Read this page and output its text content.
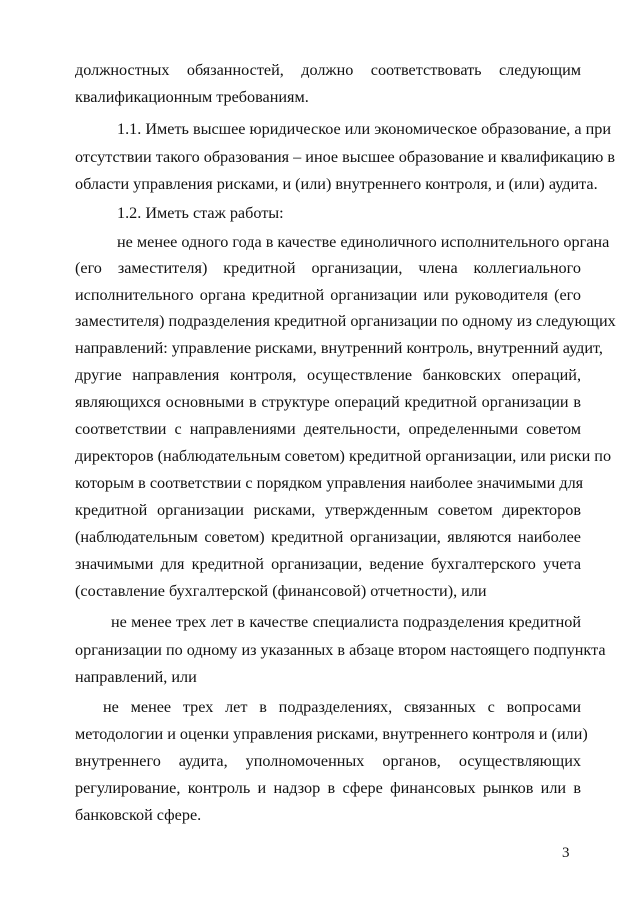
должностных обязанностей, должно соответствовать следующим
квалификационным требованиям.
1.1. Иметь высшее юридическое или экономическое образование, а при
отсутствии такого образования – иное высшее образование и квалификацию в
области управления рисками, и (или) внутреннего контроля, и (или) аудита.
1.2. Иметь стаж работы:
не менее одного года в качестве единоличного исполнительного органа
(его заместителя) кредитной организации, члена коллегиального
исполнительного органа кредитной организации или руководителя (его
заместителя) подразделения кредитной организации по одному из следующих
направлений: управление рисками, внутренний контроль, внутренний аудит,
другие направления контроля, осуществление банковских операций,
являющихся основными в структуре операций кредитной организации в
соответствии с направлениями деятельности, определенными советом
директоров (наблюдательным советом) кредитной организации, или риски по
которым в соответствии с порядком управления наиболее значимыми для
кредитной организации рисками, утвержденным советом директоров
(наблюдательным советом) кредитной организации, являются наиболее
значимыми для кредитной организации, ведение бухгалтерского учета
(составление бухгалтерской (финансовой) отчетности), или
не менее трех лет в качестве специалиста подразделения кредитной
организации по одному из указанных в абзаце втором настоящего подпункта
направлений, или
не менее трех лет в подразделениях, связанных с вопросами
методологии и оценки управления рисками, внутреннего контроля и (или)
внутреннего аудита, уполномоченных органов, осуществляющих
регулирование, контроль и надзор в сфере финансовых рынков или в
банковской сфере.
3
